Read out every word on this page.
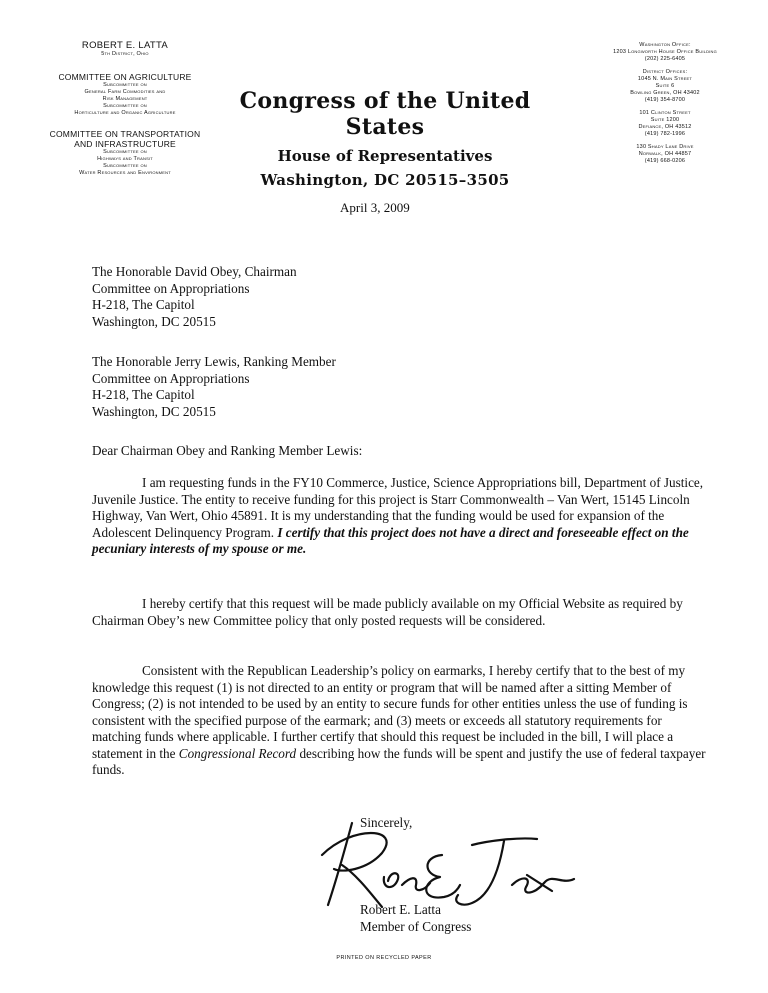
ROBERT E. LATTA
5th District, Ohio
COMMITTEE ON AGRICULTURE
Subcommittee on
General Farm Commodities and
Risk Management
Subcommittee on
Horticulture and Organic Agriculture
COMMITTEE ON TRANSPORTATION
AND INFRASTRUCTURE
Subcommittee on
Highways and Transit
Subcommittee on
Water Resources and Environment
Congress of the United States
House of Representatives
Washington, DC 20515–3505
Washington Office:
1203 Longworth House Office Building
(202) 225-6405
District Offices:
1045 N. Main Street
Suite 6
Bowling Green, OH 43402
(419) 354-8700
101 Clinton Street
Suite 1200
Defiance, OH 43512
(419) 782-1996
130 Shady Lane Drive
Norwalk, OH 44857
(419) 668-0206
April 3, 2009
The Honorable David Obey, Chairman
Committee on Appropriations
H-218, The Capitol
Washington, DC 20515
The Honorable Jerry Lewis, Ranking Member
Committee on Appropriations
H-218, The Capitol
Washington, DC 20515
Dear Chairman Obey and Ranking Member Lewis:

I am requesting funds in the FY10 Commerce, Justice, Science Appropriations bill, Department of Justice, Juvenile Justice. The entity to receive funding for this project is Starr Commonwealth – Van Wert, 15145 Lincoln Highway, Van Wert, Ohio 45891. It is my understanding that the funding would be used for expansion of the Adolescent Delinquency Program. I certify that this project does not have a direct and foreseeable effect on the pecuniary interests of my spouse or me.

I hereby certify that this request will be made publicly available on my Official Website as required by Chairman Obey’s new Committee policy that only posted requests will be considered.

Consistent with the Republican Leadership’s policy on earmarks, I hereby certify that to the best of my knowledge this request (1) is not directed to an entity or program that will be named after a sitting Member of Congress; (2) is not intended to be used by an entity to secure funds for other entities unless the use of funding is consistent with the specified purpose of the earmark; and (3) meets or exceeds all statutory requirements for matching funds where applicable. I further certify that should this request be included in the bill, I will place a statement in the Congressional Record describing how the funds will be spent and justify the use of federal taxpayer funds.

Sincerely,
Robert E. Latta
Member of Congress
PRINTED ON RECYCLED PAPER
